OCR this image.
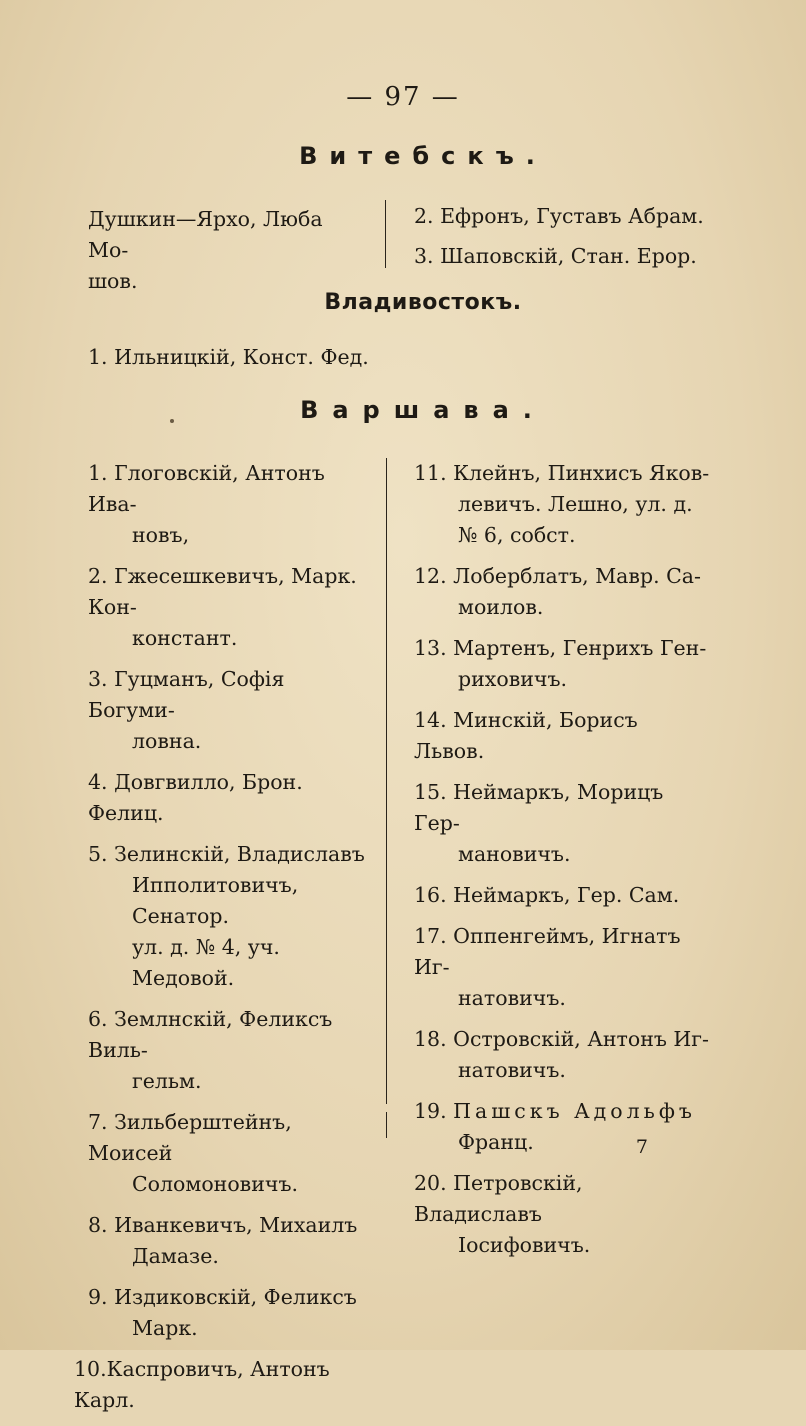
— 97 —
Витебскъ.
Душкин—Ярхо, Люба Мо-
шов.
2. Ефронъ, Густавъ Абрам.
3. Шаповскій, Стан. Ерор.
Владивостокъ.
1. Ильницкій, Конст. Фед.
Варшава.
1. Глоговскій, Антонъ Ива-
новъ,
2. Гжесешкевичъ, Марк. Кон-
констант.
3. Гуцманъ, Софія Богуми-
ловна.
4. Довгвилло, Брон. Фелиц.
5. Зелинскій, Владиславъ
Ипполитовичъ, Сенатор.
ул. д. № 4, уч. Медовой.
6. Землнскій, Феликсъ Виль-
гельм.
7. Зильберштейнъ, Моисей
Соломоновичъ.
8. Иванкевичъ, Михаилъ
Дамазе.
9. Издиковскій, Феликсъ
Марк.
10.Каспровичъ, Антонъ Карл.
11. Клейнъ, Пинхисъ Яков-
левичъ. Лешно, ул. д.
№ 6, собст.
12. Лоберблатъ, Мавр. Са-
моилов.
13. Мартенъ, Генрихъ Ген-
риховичъ.
14. Минскій, Борисъ Львов.
15. Неймаркъ, Морицъ Гер-
мановичъ.
16. Неймаркъ, Гер. Сам.
17. Оппенгеймъ, Игнатъ Иг-
натовичъ.
18. Островскій, Антонъ Иг-
натовичъ.
19. Пашскъ Адольфъ
Франц.
20. Петровскій, Владиславъ
Іосифовичъ.
7
